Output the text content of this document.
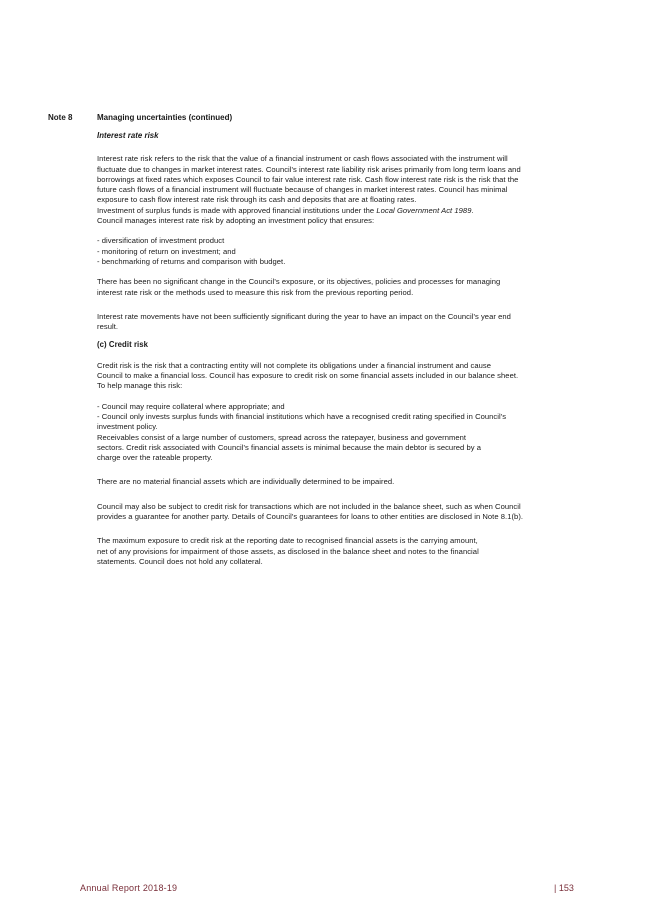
Note 8	Managing uncertainties (continued)

Interest rate risk

Interest rate risk refers to the risk that the value of a financial instrument or cash flows associated with the instrument will
fluctuate due to changes in market interest rates. Council's interest rate liability risk arises primarily from long term loans and
borrowings at fixed rates which exposes Council to fair value interest rate risk. Cash flow interest rate risk is the risk that the
future cash flows of a financial instrument will fluctuate because of changes in market interest rates. Council has minimal
exposure to cash flow interest rate risk through its cash and deposits that are at floating rates.
Investment of surplus funds is made with approved financial institutions under the Local Government Act 1989.
Council manages interest rate risk by adopting an investment policy that ensures:

- diversification of investment product
- monitoring of return on investment; and
- benchmarking of returns and comparison with budget.

There has been no significant change in the Council's exposure, or its objectives, policies and processes for managing
interest rate risk or the methods used to measure this risk from the previous reporting period.

Interest rate movements have not been sufficiently significant during the year to have an impact on the Council's year end
result.

(c) Credit risk

Credit risk is the risk that a contracting entity will not complete its obligations under a financial instrument and cause
Council to make a financial loss. Council has exposure to credit risk on some financial assets included in our balance sheet.
To help manage this risk:

- Council may require collateral where appropriate; and
- Council only invests surplus funds with financial institutions which have a recognised credit rating specified in Council's
investment policy.
Receivables consist of a large number of customers, spread across the ratepayer, business and government
sectors. Credit risk associated with Council's financial assets is minimal because the main debtor is secured by a
charge over the rateable property.

There are no material financial assets which are individually determined to be impaired.

Council may also be subject to credit risk for transactions which are not included in the balance sheet, such as when Council
provides a guarantee for another party. Details of Council's guarantees for loans to other entities are disclosed in Note 8.1(b).

The maximum exposure to credit risk at the reporting date to recognised financial assets is the carrying amount,
net of any provisions for impairment of those assets, as disclosed in the balance sheet and notes to the financial
statements. Council does not hold any collateral.

Annual Report 2018-19	| 153
